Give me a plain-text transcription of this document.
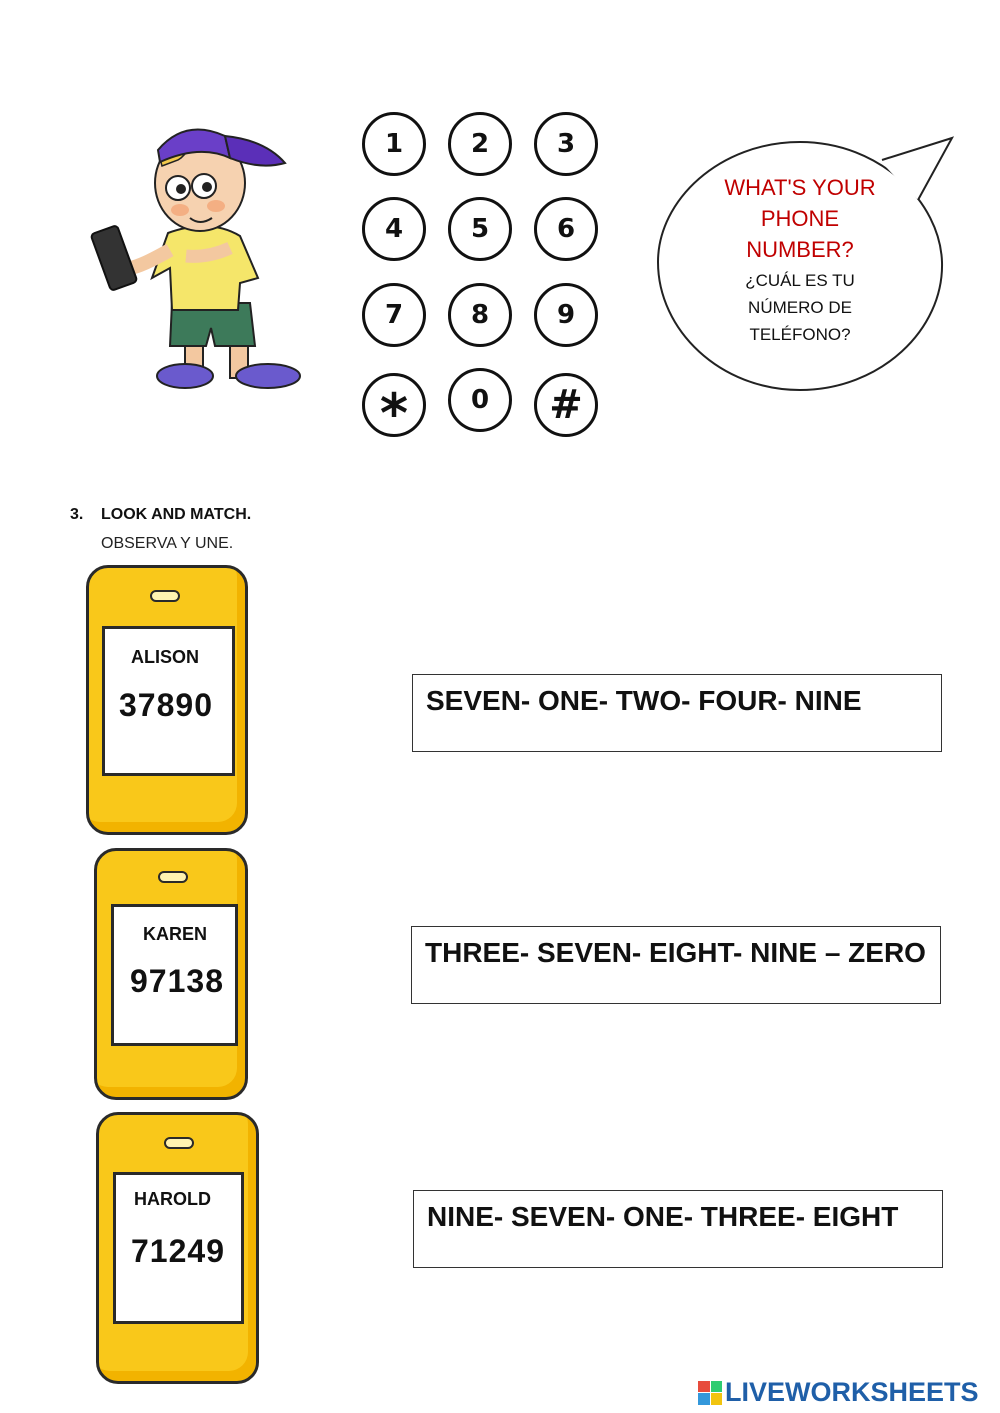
1	2	3
4	5	6
7	8	9
*	0	#
WHAT'S YOUR
PHONE
NUMBER?
¿CUÁL ES TU
NÚMERO DE
TELÉFONO?
3. LOOK AND MATCH.
OBSERVA Y UNE.
ALISON
37890
KAREN
97138
HAROLD
71249
SEVEN- ONE- TWO- FOUR- NINE
THREE- SEVEN- EIGHT- NINE – ZERO
NINE- SEVEN- ONE- THREE- EIGHT
LIVEWORKSHEETS
